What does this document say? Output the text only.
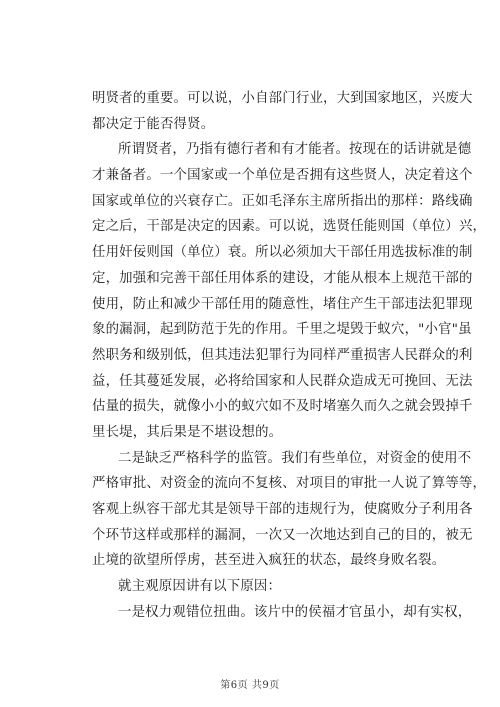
明贤者的重要。可以说，小自部门行业，大到国家地区，兴废大
都决定于能否得贤。
所谓贤者，乃指有德行者和有才能者。按现在的话讲就是德
才兼备者。一个国家或一个单位是否拥有这些贤人，决定着这个
国家或单位的兴衰存亡。正如毛泽东主席所指出的那样：路线确
定之后，干部是决定的因素。可以说，选贤任能则国（单位）兴，
任用奸佞则国（单位）衰。所以必须加大干部任用选拔标准的制
定，加强和完善干部任用体系的建设，才能从根本上规范干部的
使用，防止和减少干部任用的随意性，堵住产生干部违法犯罪现
象的漏洞，起到防范于先的作用。千里之堤毁于蚁穴，"小官"虽
然职务和级别低，但其违法犯罪行为同样严重损害人民群众的利
益，任其蔓延发展，必将给国家和人民群众造成无可挽回、无法
估量的损失，就像小小的蚁穴如不及时堵塞久而久之就会毁掉千
里长堤，其后果是不堪设想的。
二是缺乏严格科学的监管。我们有些单位，对资金的使用不
严格审批、对资金的流向不复核、对项目的审批一人说了算等等，
客观上纵容干部尤其是领导干部的违规行为，使腐败分子利用各
个环节这样或那样的漏洞，一次又一次地达到自己的目的，被无
止境的欲望所俘虏，甚至进入疯狂的状态，最终身败名裂。
就主观原因讲有以下原因：
一是权力观错位扭曲。该片中的侯福才官虽小，却有实权，
第6页 共9页
